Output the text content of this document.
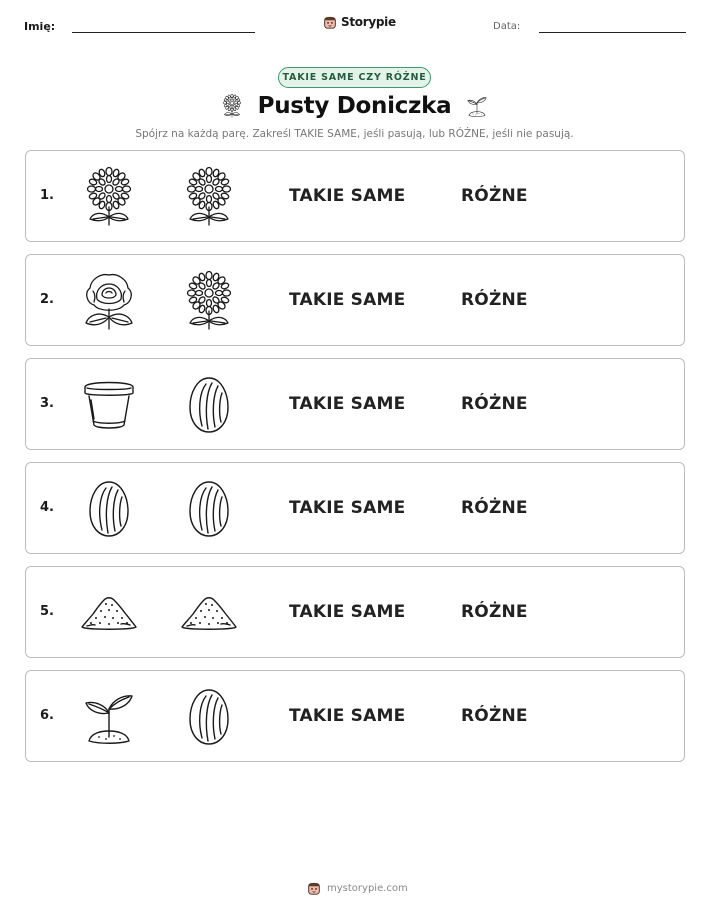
Imię:	Storypie	Data:
TAKIE SAME CZY RÓŻNE
Pusty Doniczka
Spójrz na każdą parę. Zakreśl TAKIE SAME, jeśli pasują, lub RÓŻNE, jeśli nie pasują.
1.	TAKIE SAME	RÓŻNE
2.	TAKIE SAME	RÓŻNE
3.	TAKIE SAME	RÓŻNE
4.	TAKIE SAME	RÓŻNE
5.	TAKIE SAME	RÓŻNE
6.	TAKIE SAME	RÓŻNE
mystorypie.com
